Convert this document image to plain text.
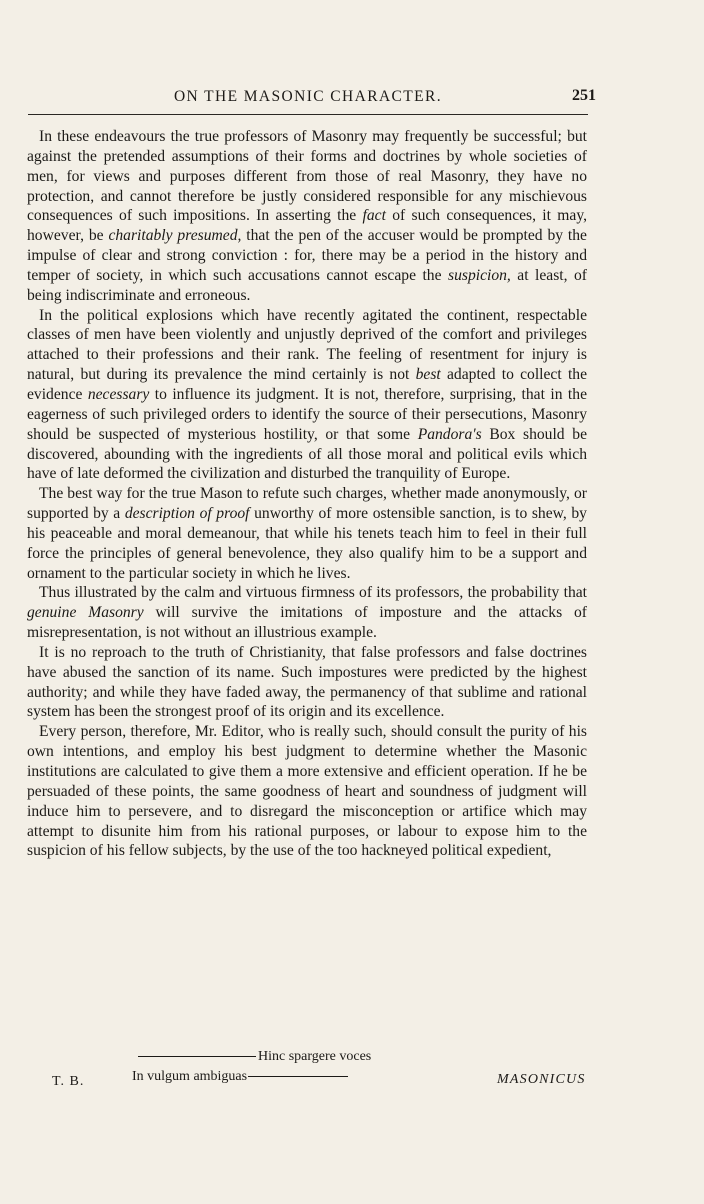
ON THE MASONIC CHARACTER.	251

In these endeavours the true professors of Masonry may frequently be successful; but against the pretended assumptions of their forms and doctrines by whole societies of men, for views and purposes different from those of real Masonry, they have no protection, and cannot therefore be justly considered responsible for any mischievous consequences of such impositions. In asserting the fact of such consequences, it may, however, be charitably presumed, that the pen of the accuser would be prompted by the impulse of clear and strong conviction : for, there may be a period in the history and temper of society, in which such accusations cannot escape the suspicion, at least, of being indiscriminate and erroneous.

In the political explosions which have recently agitated the continent, respectable classes of men have been violently and unjustly deprived of the comfort and privileges attached to their professions and their rank. The feeling of resentment for injury is natural, but during its prevalence the mind certainly is not best adapted to collect the evidence necessary to influence its judgment. It is not, therefore, surprising, that in the eagerness of such privileged orders to identify the source of their persecutions, Masonry should be suspected of mysterious hostility, or that some Pandora's Box should be discovered, abounding with the ingredients of all those moral and political evils which have of late deformed the civilization and disturbed the tranquility of Europe.

The best way for the true Mason to refute such charges, whether made anonymously, or supported by a description of proof unworthy of more ostensible sanction, is to shew, by his peaceable and moral demeanour, that while his tenets teach him to feel in their full force the principles of general benevolence, they also qualify him to be a support and ornament to the particular society in which he lives.

Thus illustrated by the calm and virtuous firmness of its professors, the probability that genuine Masonry will survive the imitations of imposture and the attacks of misrepresentation, is not without an illustrious example.

It is no reproach to the truth of Christianity, that false professors and false doctrines have abused the sanction of its name. Such impostures were predicted by the highest authority; and while they have faded away, the permanency of that sublime and rational system has been the strongest proof of its origin and its excellence.

Every person, therefore, Mr. Editor, who is really such, should consult the purity of his own intentions, and employ his best judgment to determine whether the Masonic institutions are calculated to give them a more extensive and efficient operation. If he be persuaded of these points, the same goodness of heart and soundness of judgment will induce him to persevere, and to disregard the misconception or artifice which may attempt to disunite him from his rational purposes, or labour to expose him to the suspicion of his fellow subjects, by the use of the too hackneyed political expedient,

Hinc spargere voces
In vulgum ambiguas
T. B.	MASONICUS
